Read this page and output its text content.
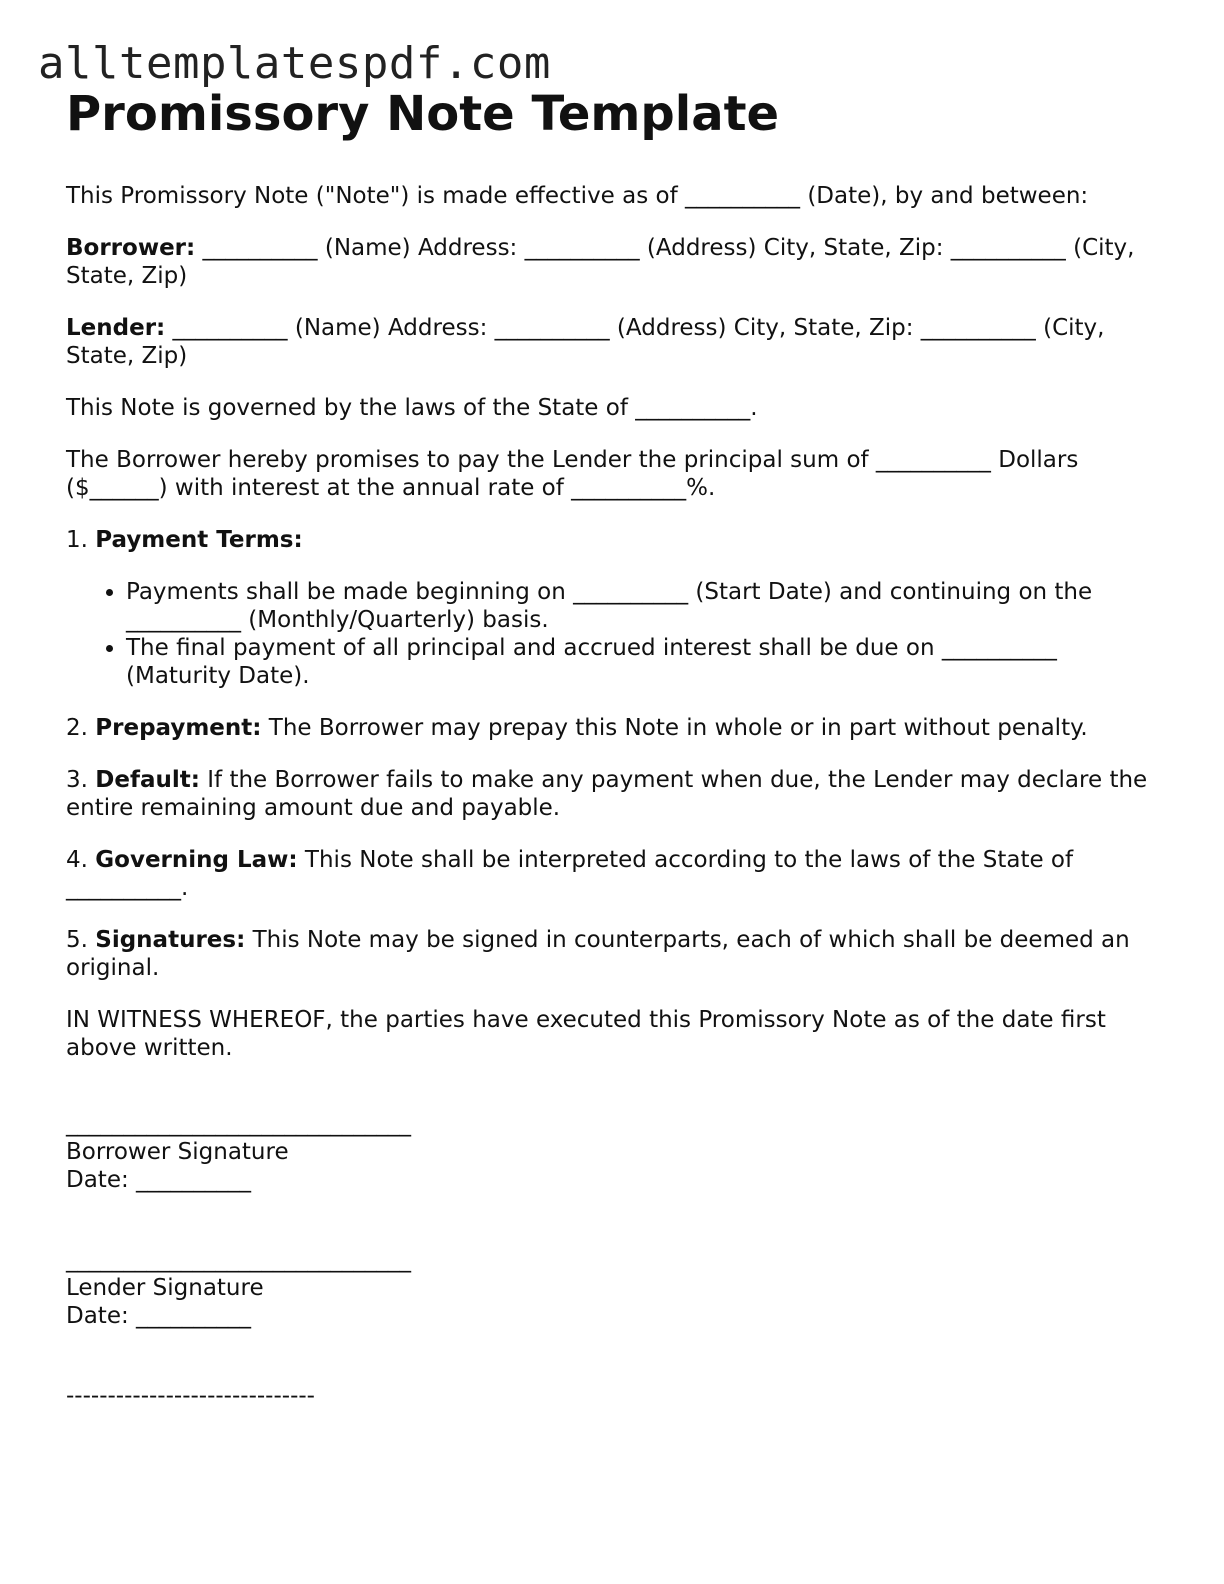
alltemplatespdf.com
Promissory Note Template

This Promissory Note ("Note") is made effective as of __________ (Date), by and between:

Borrower: __________ (Name) Address: __________ (Address) City, State, Zip: __________ (City, State, Zip)

Lender: __________ (Name) Address: __________ (Address) City, State, Zip: __________ (City, State, Zip)

This Note is governed by the laws of the State of __________.

The Borrower hereby promises to pay the Lender the principal sum of __________ Dollars ($______) with interest at the annual rate of __________%.

1. Payment Terms:

• Payments shall be made beginning on __________ (Start Date) and continuing on the __________ (Monthly/Quarterly) basis.
• The final payment of all principal and accrued interest shall be due on __________ (Maturity Date).

2. Prepayment: The Borrower may prepay this Note in whole or in part without penalty.

3. Default: If the Borrower fails to make any payment when due, the Lender may declare the entire remaining amount due and payable.

4. Governing Law: This Note shall be interpreted according to the laws of the State of __________.

5. Signatures: This Note may be signed in counterparts, each of which shall be deemed an original.

IN WITNESS WHEREOF, the parties have executed this Promissory Note as of the date first above written.

______________________________
Borrower Signature
Date: __________

______________________________
Lender Signature
Date: __________

------------------------------
